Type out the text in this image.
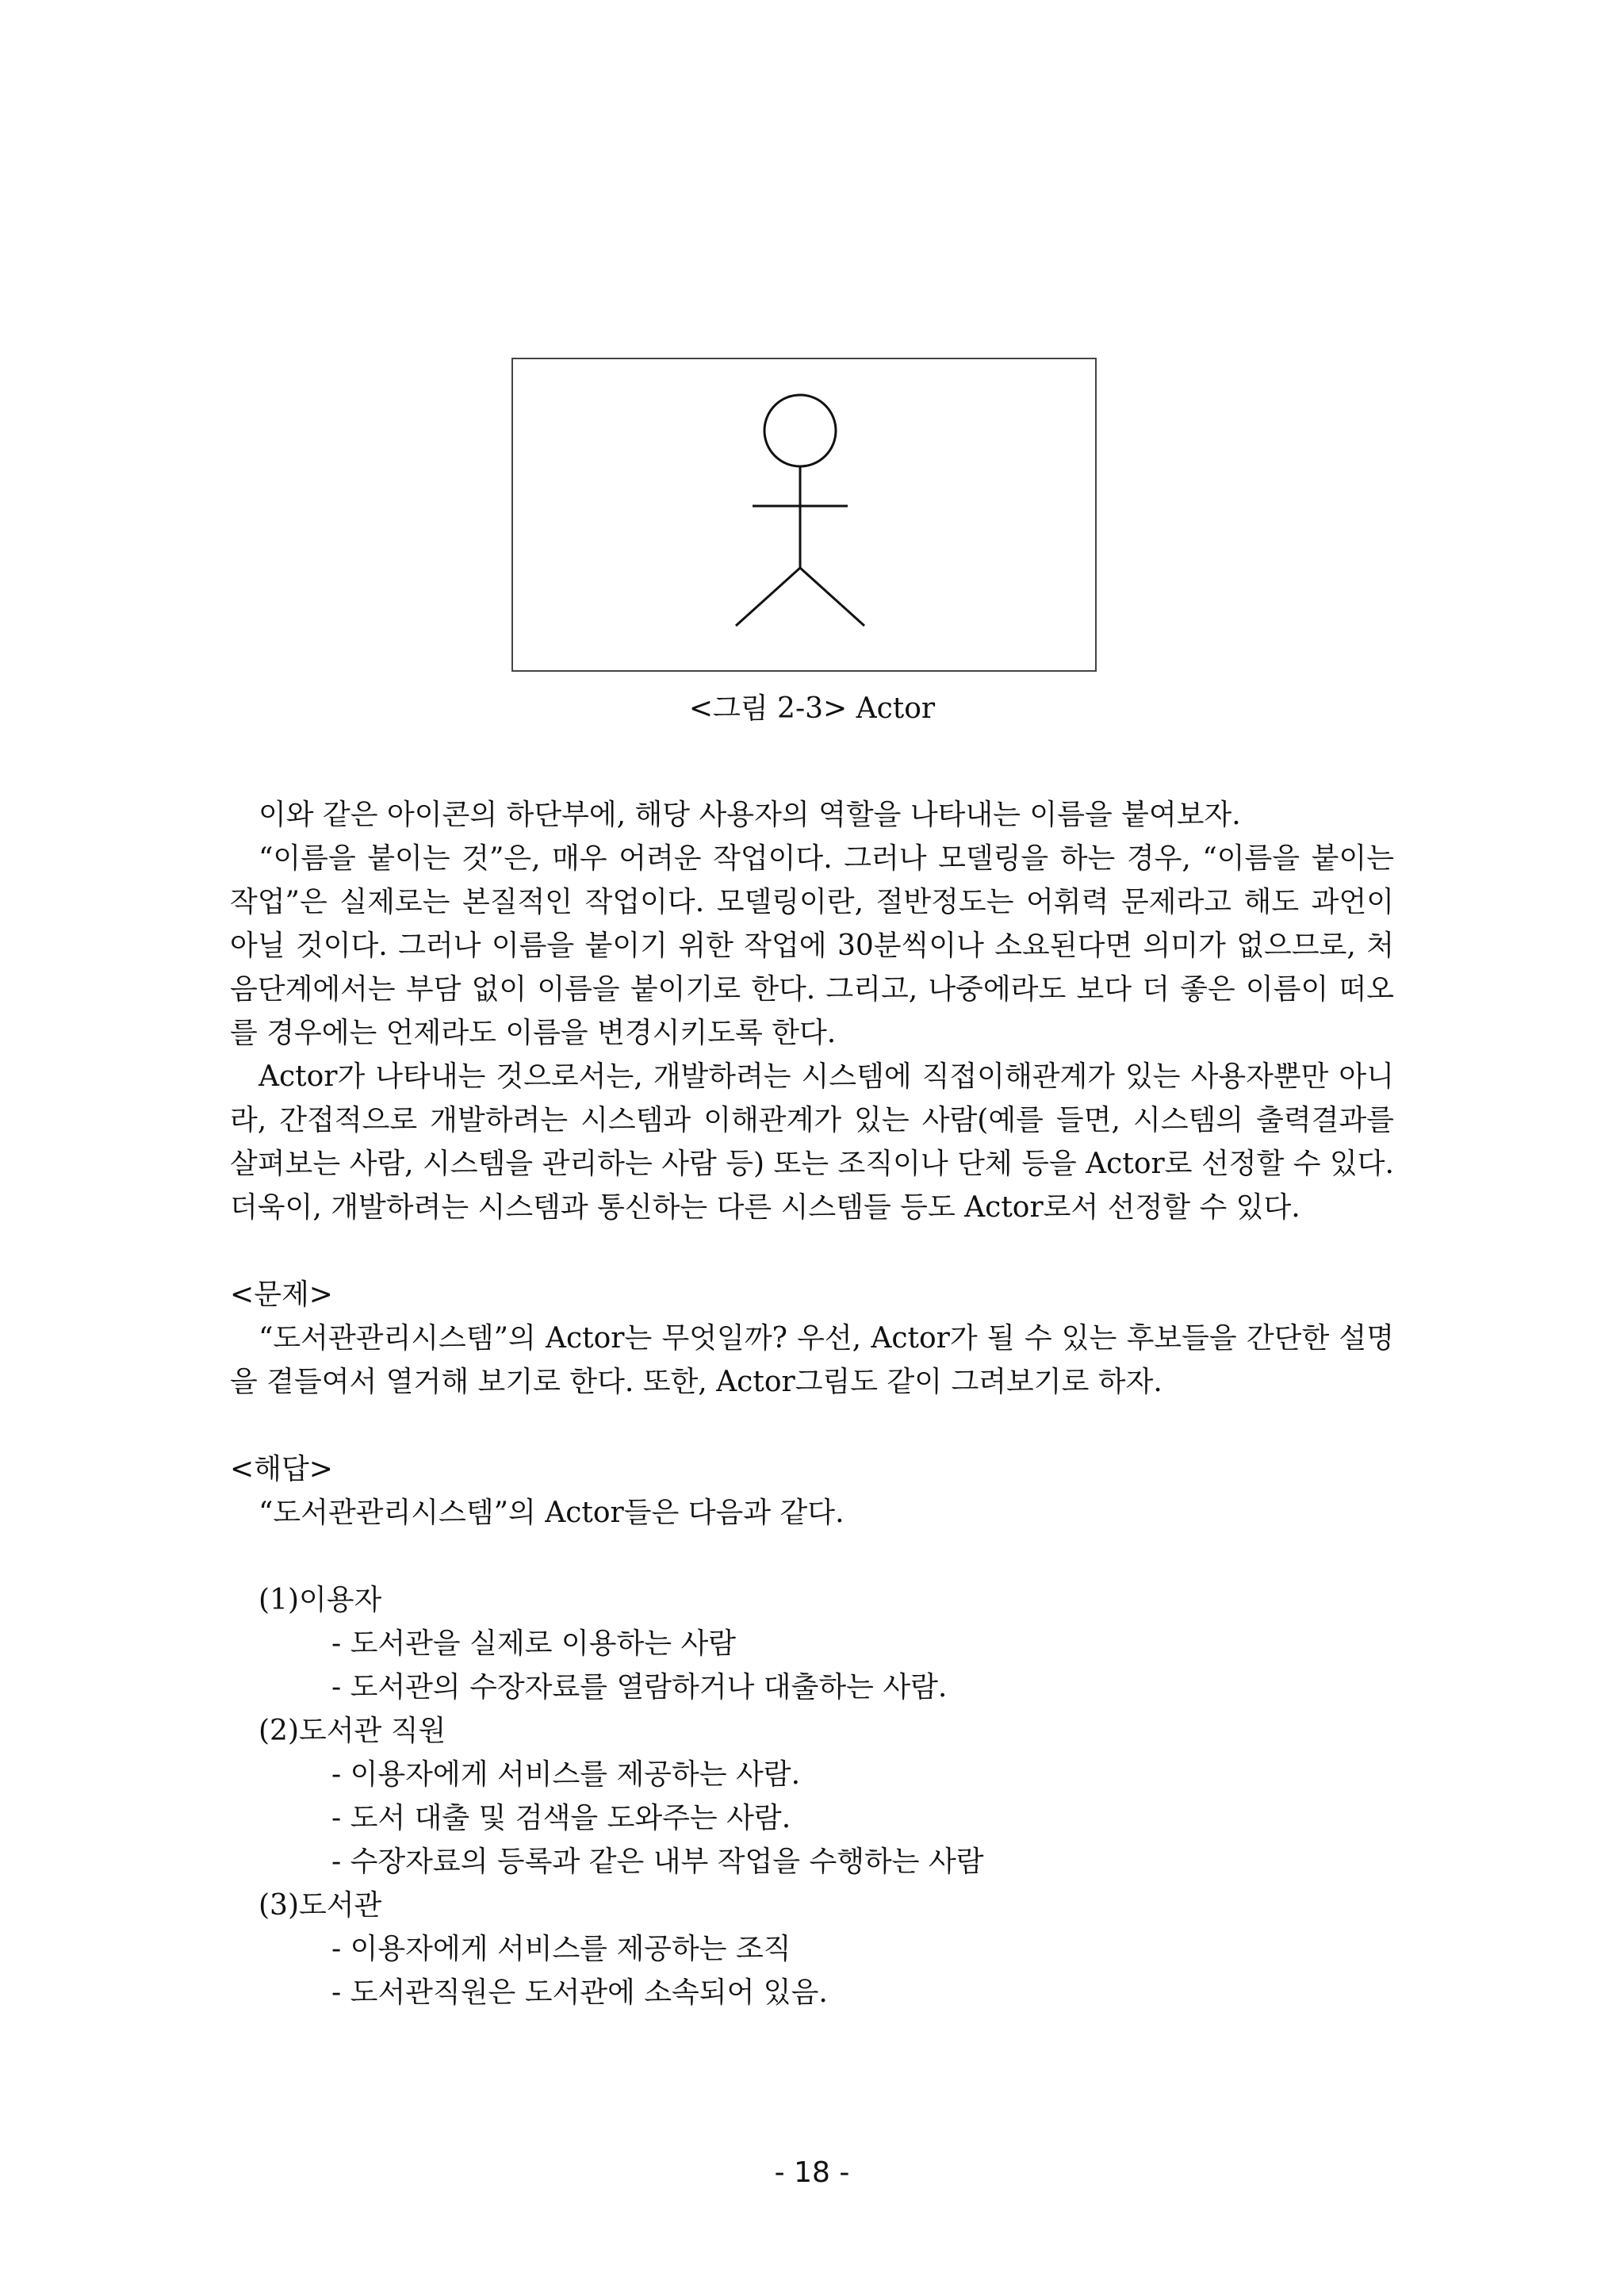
<그림 2-3> Actor

이와 같은 아이콘의 하단부에, 해당 사용자의 역할을 나타내는 이름을 붙여보자.

“이름을 붙이는 것”은, 매우 어려운 작업이다. 그러나 모델링을 하는 경우, “이름을 붙이는 작업”은 실제로는 본질적인 작업이다. 모델링이란, 절반정도는 어휘력 문제라고 해도 과언이 아닐 것이다. 그러나 이름을 붙이기 위한 작업에 30분씩이나 소요된다면 의미가 없으므로, 처음단계에서는 부담 없이 이름을 붙이기로 한다. 그리고, 나중에라도 보다 더 좋은 이름이 떠오를 경우에는 언제라도 이름을 변경시키도록 한다.

Actor가 나타내는 것으로서는, 개발하려는 시스템에 직접이해관계가 있는 사용자뿐만 아니라, 간접적으로 개발하려는 시스템과 이해관계가 있는 사람(예를 들면, 시스템의 출력결과를 살펴보는 사람, 시스템을 관리하는 사람 등) 또는 조직이나 단체 등을 Actor로 선정할 수 있다. 더욱이, 개발하려는 시스템과 통신하는 다른 시스템들 등도 Actor로서 선정할 수 있다.

<문제>

“도서관관리시스템”의 Actor는 무엇일까? 우선, Actor가 될 수 있는 후보들을 간단한 설명을 곁들여서 열거해 보기로 한다. 또한, Actor그림도 같이 그려보기로 하자.

<해답>

“도서관관리시스템”의 Actor들은 다음과 같다.

(1)이용자

- 도서관을 실제로 이용하는 사람

- 도서관의 수장자료를 열람하거나 대출하는 사람.

(2)도서관 직원

- 이용자에게 서비스를 제공하는 사람.

- 도서 대출 및 검색을 도와주는 사람.

- 수장자료의 등록과 같은 내부 작업을 수행하는 사람

(3)도서관

- 이용자에게 서비스를 제공하는 조직

- 도서관직원은 도서관에 소속되어 있음.

- 18 -
